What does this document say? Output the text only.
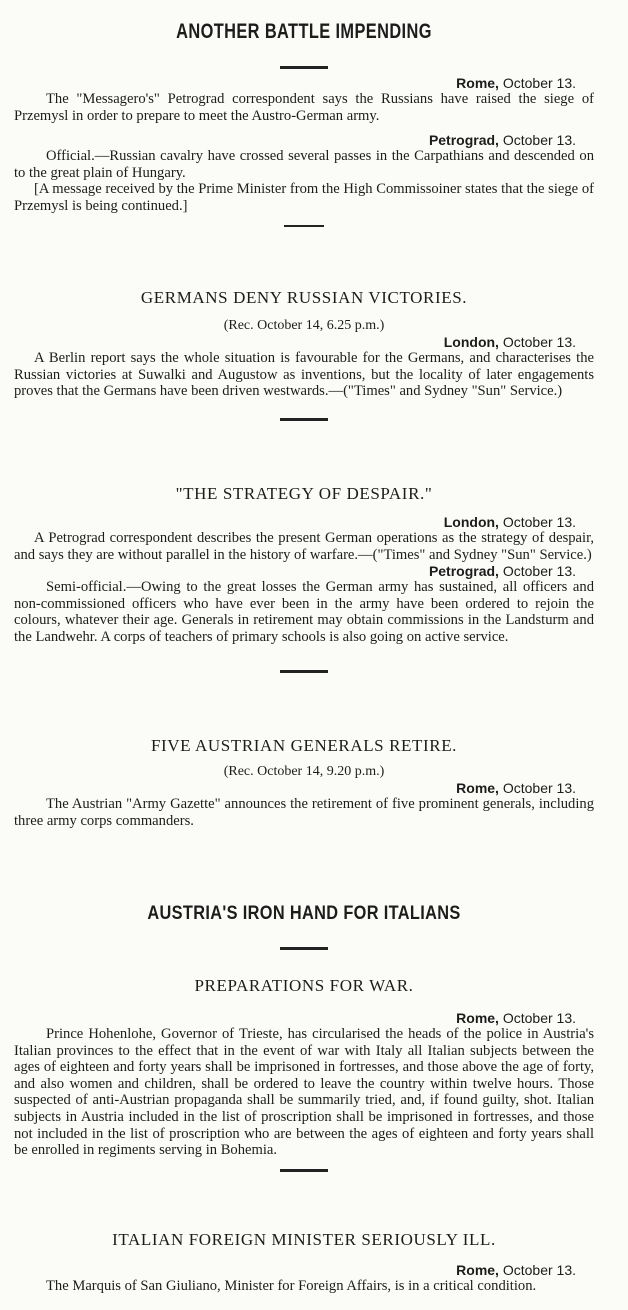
ANOTHER BATTLE IMPENDING
Rome, October 13.

The "Messagero's" Petrograd correspondent says the Russians have raised the siege of Przemysl in order to prepare to meet the Austro-German army.

Petrograd, October 13.

Official.—Russian cavalry have crossed several passes in the Carpathians and descended on to the great plain of Hungary.

[A message received by the Prime Minister from the High Commissoiner states that the siege of Przemysl is being continued.]

GERMANS DENY RUSSIAN VICTORIES.
(Rec. October 14, 6.25 p.m.)
London, October 13.

A Berlin report says the whole situation is favourable for the Germans, and characterises the Russian victories at Suwalki and Augustow as inventions, but the locality of later engagements proves that the Germans have been driven westwards.—("Times" and Sydney "Sun" Service.)

"THE STRATEGY OF DESPAIR."
London, October 13.

A Petrograd correspondent describes the present German operations as the strategy of despair, and says they are without parallel in the history of warfare.—("Times" and Sydney "Sun" Service.)

Petrograd, October 13.

Semi-official.—Owing to the great losses the German army has sustained, all officers and non-commissioned officers who have ever been in the army have been ordered to rejoin the colours, whatever their age. Generals in retirement may obtain commissions in the Landsturm and the Landwehr. A corps of teachers of primary schools is also going on active service.

FIVE AUSTRIAN GENERALS RETIRE.
(Rec. October 14, 9.20 p.m.)
Rome, October 13.

The Austrian "Army Gazette" announces the retirement of five prominent generals, including three army corps commanders.

AUSTRIA'S IRON HAND FOR ITALIANS
PREPARATIONS FOR WAR.
Rome, October 13.

Prince Hohenlohe, Governor of Trieste, has circularised the heads of the police in Austria's Italian provinces to the effect that in the event of war with Italy all Italian subjects between the ages of eighteen and forty years shall be imprisoned in fortresses, and those above the age of forty, and also women and children, shall be ordered to leave the country within twelve hours. Those suspected of anti-Austrian propaganda shall be summarily tried, and, if found guilty, shot. Italian subjects in Austria included in the list of proscription shall be imprisoned in fortresses, and those not included in the list of proscription who are between the ages of eighteen and forty years shall be enrolled in regiments serving in Bohemia.

ITALIAN FOREIGN MINISTER SERIOUSLY ILL.
Rome, October 13.

The Marquis of San Giuliano, Minister for Foreign Affairs, is in a critical condition.
